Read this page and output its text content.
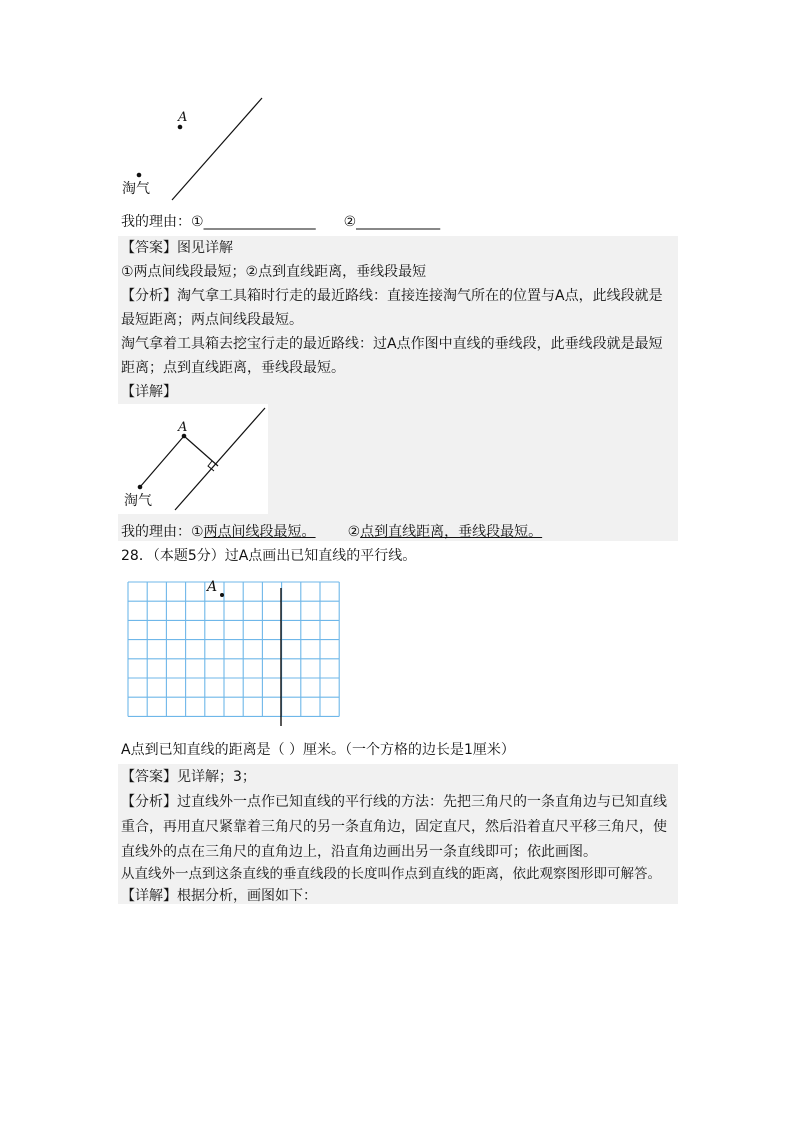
A
淘气
我的理由：①________________ ②____________
【答案】图见详解
①两点间线段最短；②点到直线距离，垂线段最短
【分析】淘气拿工具箱时行走的最近路线：直接连接淘气所在的位置与A点，此线段就是
最短距离；两点间线段最短。
淘气拿着工具箱去挖宝行走的最近路线：过A点作图中直线的垂线段，此垂线段就是最短
距离；点到直线距离，垂线段最短。
【详解】
A
淘气
我的理由：①两点间线段最短。 ②点到直线距离，垂线段最短。
28．（本题5分）过A点画出已知直线的平行线。
A
A点到已知直线的距离是（ ）厘米。（一个方格的边长是1厘米）
【答案】见详解；3；
【分析】过直线外一点作已知直线的平行线的方法：先把三角尺的一条直角边与已知直线
重合，再用直尺紧靠着三角尺的另一条直角边，固定直尺，然后沿着直尺平移三角尺，使
直线外的点在三角尺的直角边上，沿直角边画出另一条直线即可；依此画图。
从直线外一点到这条直线的垂直线段的长度叫作点到直线的距离，依此观察图形即可解答。
【详解】根据分析，画图如下：
